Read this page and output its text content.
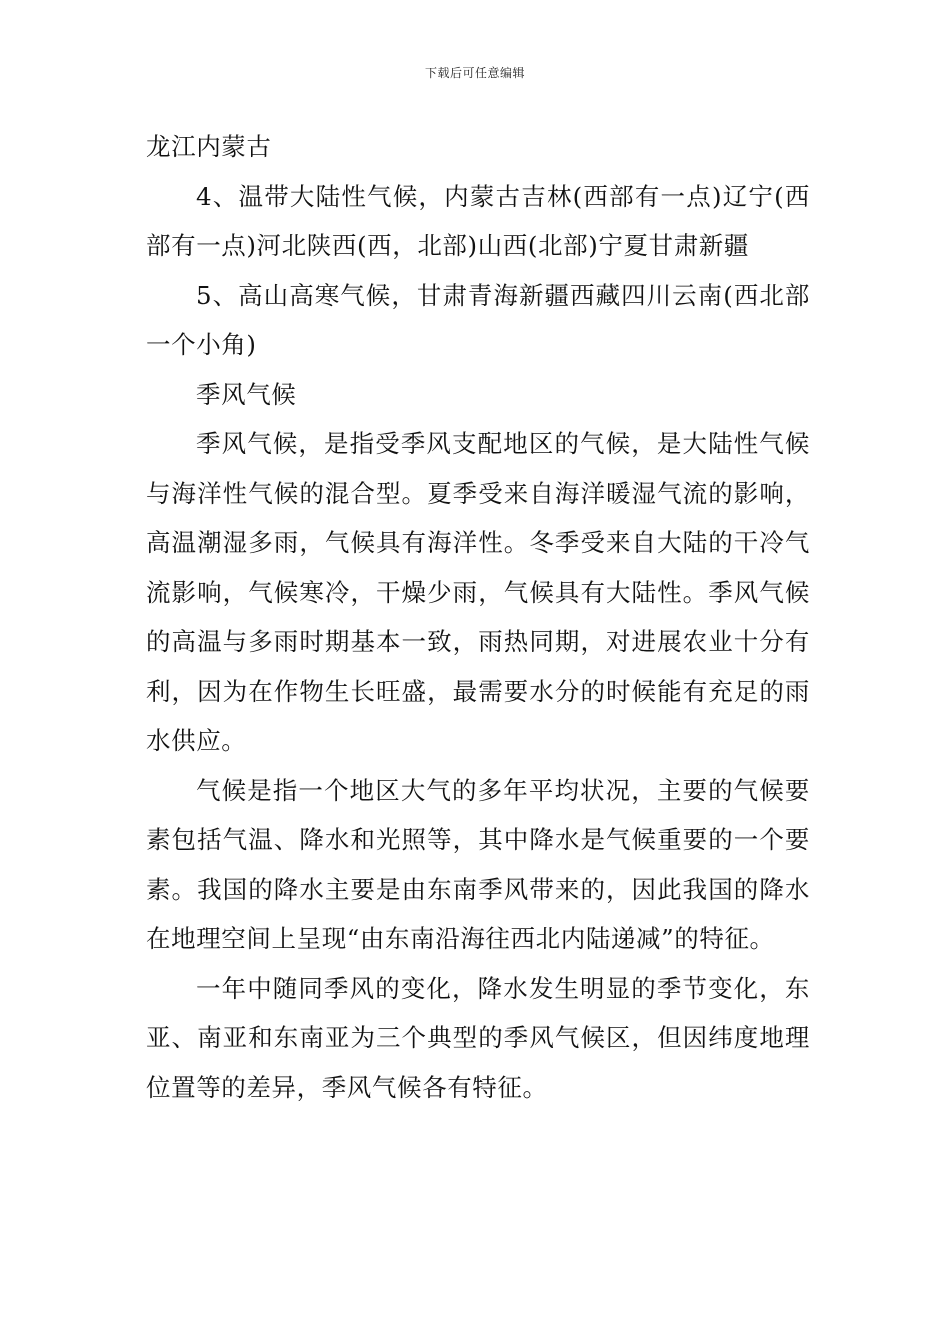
下载后可任意编辑

龙江内蒙古

4、温带大陆性气候，内蒙古吉林(西部有一点)辽宁(西部有一点)河北陕西(西，北部)山西(北部)宁夏甘肃新疆

5、高山高寒气候，甘肃青海新疆西藏四川云南(西北部一个小角)

季风气候

季风气候，是指受季风支配地区的气候，是大陆性气候与海洋性气候的混合型。夏季受来自海洋暖湿气流的影响，高温潮湿多雨，气候具有海洋性。冬季受来自大陆的干冷气流影响，气候寒冷，干燥少雨，气候具有大陆性。季风气候的高温与多雨时期基本一致，雨热同期，对进展农业十分有利，因为在作物生长旺盛，最需要水分的时候能有充足的雨水供应。

气候是指一个地区大气的多年平均状况，主要的气候要素包括气温、降水和光照等，其中降水是气候重要的一个要素。我国的降水主要是由东南季风带来的，因此我国的降水在地理空间上呈现“由东南沿海往西北内陆递减”的特征。

一年中随同季风的变化，降水发生明显的季节变化，东亚、南亚和东南亚为三个典型的季风气候区，但因纬度地理位置等的差异，季风气候各有特征。
